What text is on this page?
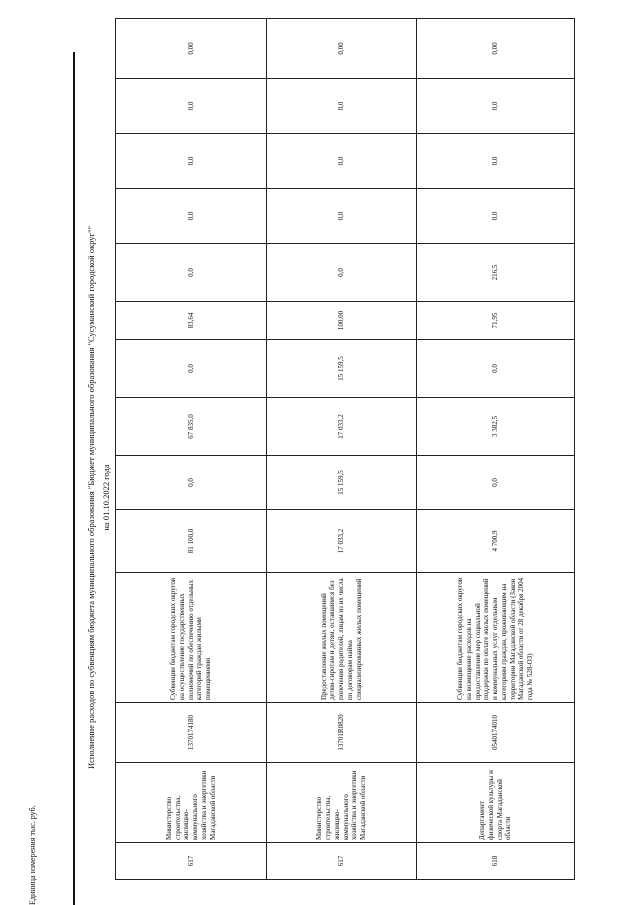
Единица измерения тыс. руб.
Исполнение расходов по субвенциям бюджета муниципального образования "Бюджет муниципального образования "Сусуманский городской округ"" на 01.10.2022 года
617	Министерство строительства, жилищно-коммунального хозяйства и энергетики Магаданской области	1370174180	Субвенции бюджетам городских округов на осуществление государственных полномочий по обеспечению отдельных категорий граждан жилыми помещениями	81 100,0	0,0	67 835,0	0,0	83,64	0,0	0,0	0,0	0,0	0,00
617	Министерство строительства, жилищно-коммунального хозяйства и энергетики Магаданской области	13701R0820	Предоставление жилых помещений детям-сиротам и детям, оставшимся без попечения родителей, лицам из их числа по договорам найма специализированных жилых помещений	17 033,2	15 159,5	17 033,2	15 159,5	100,00	0,0	0,0	0,0	0,0	0,00
618	Департамент физической культуры и спорта Магаданской области	0540174010	Субвенции бюджетам городских округов на возмещение расходов на предоставление мер социальной поддержки по оплате жилых помещений и коммунальных услуг отдельным категориям граждан, проживающим на территории Магаданской области (Закон Магаданской области от 28 декабря 2004 года № 528-ОЗ)	4 700,9	0,0	3 382,5	0,0	71,95	216,5	0,0	0,0	0,0	0,00
